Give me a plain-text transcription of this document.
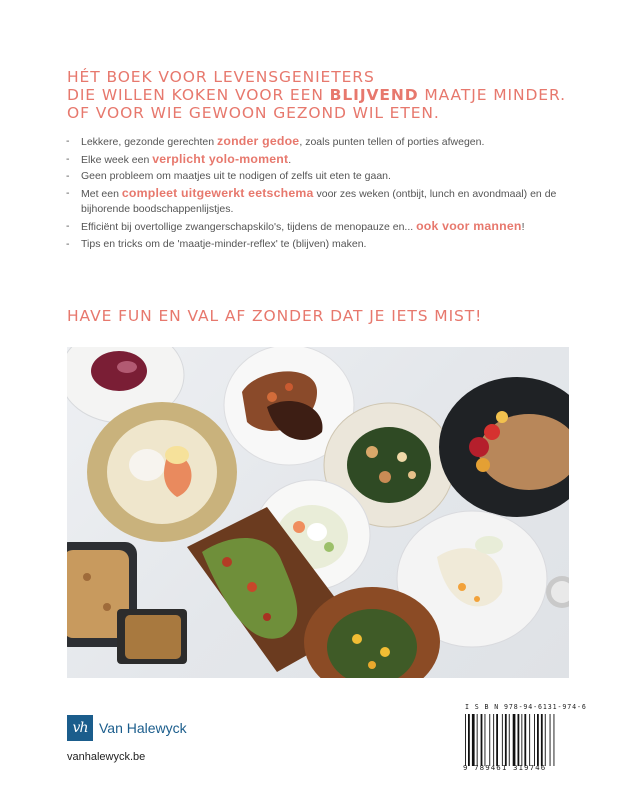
HÉT BOEK VOOR LEVENSGENIETERS
DIE WILLEN KOKEN VOOR EEN BLIJVEND MAATJE MINDER.
OF VOOR WIE GEWOON GEZOND WIL ETEN.
- Lekkere, gezonde gerechten zonder gedoe, zoals punten tellen of porties afwegen.
- Elke week een verplicht yolo-moment.
- Geen probleem om maatjes uit te nodigen of zelfs uit eten te gaan.
- Met een compleet uitgewerkt eetschema voor zes weken (ontbijt, lunch en avondmaal) en de bijhorende boodschappenlijstjes.
- Efficiënt bij overtollige zwangerschapskilo's, tijdens de menopauze en... ook voor mannen!
- Tips en tricks om de 'maatje-minder-reflex' te (blijven) maken.

HAVE FUN EN VAL AF ZONDER DAT JE IETS MIST!

vh Van Halewyck
vanhalewyck.be
I S B N 978-94-6131-974-6
9 789461 319746
